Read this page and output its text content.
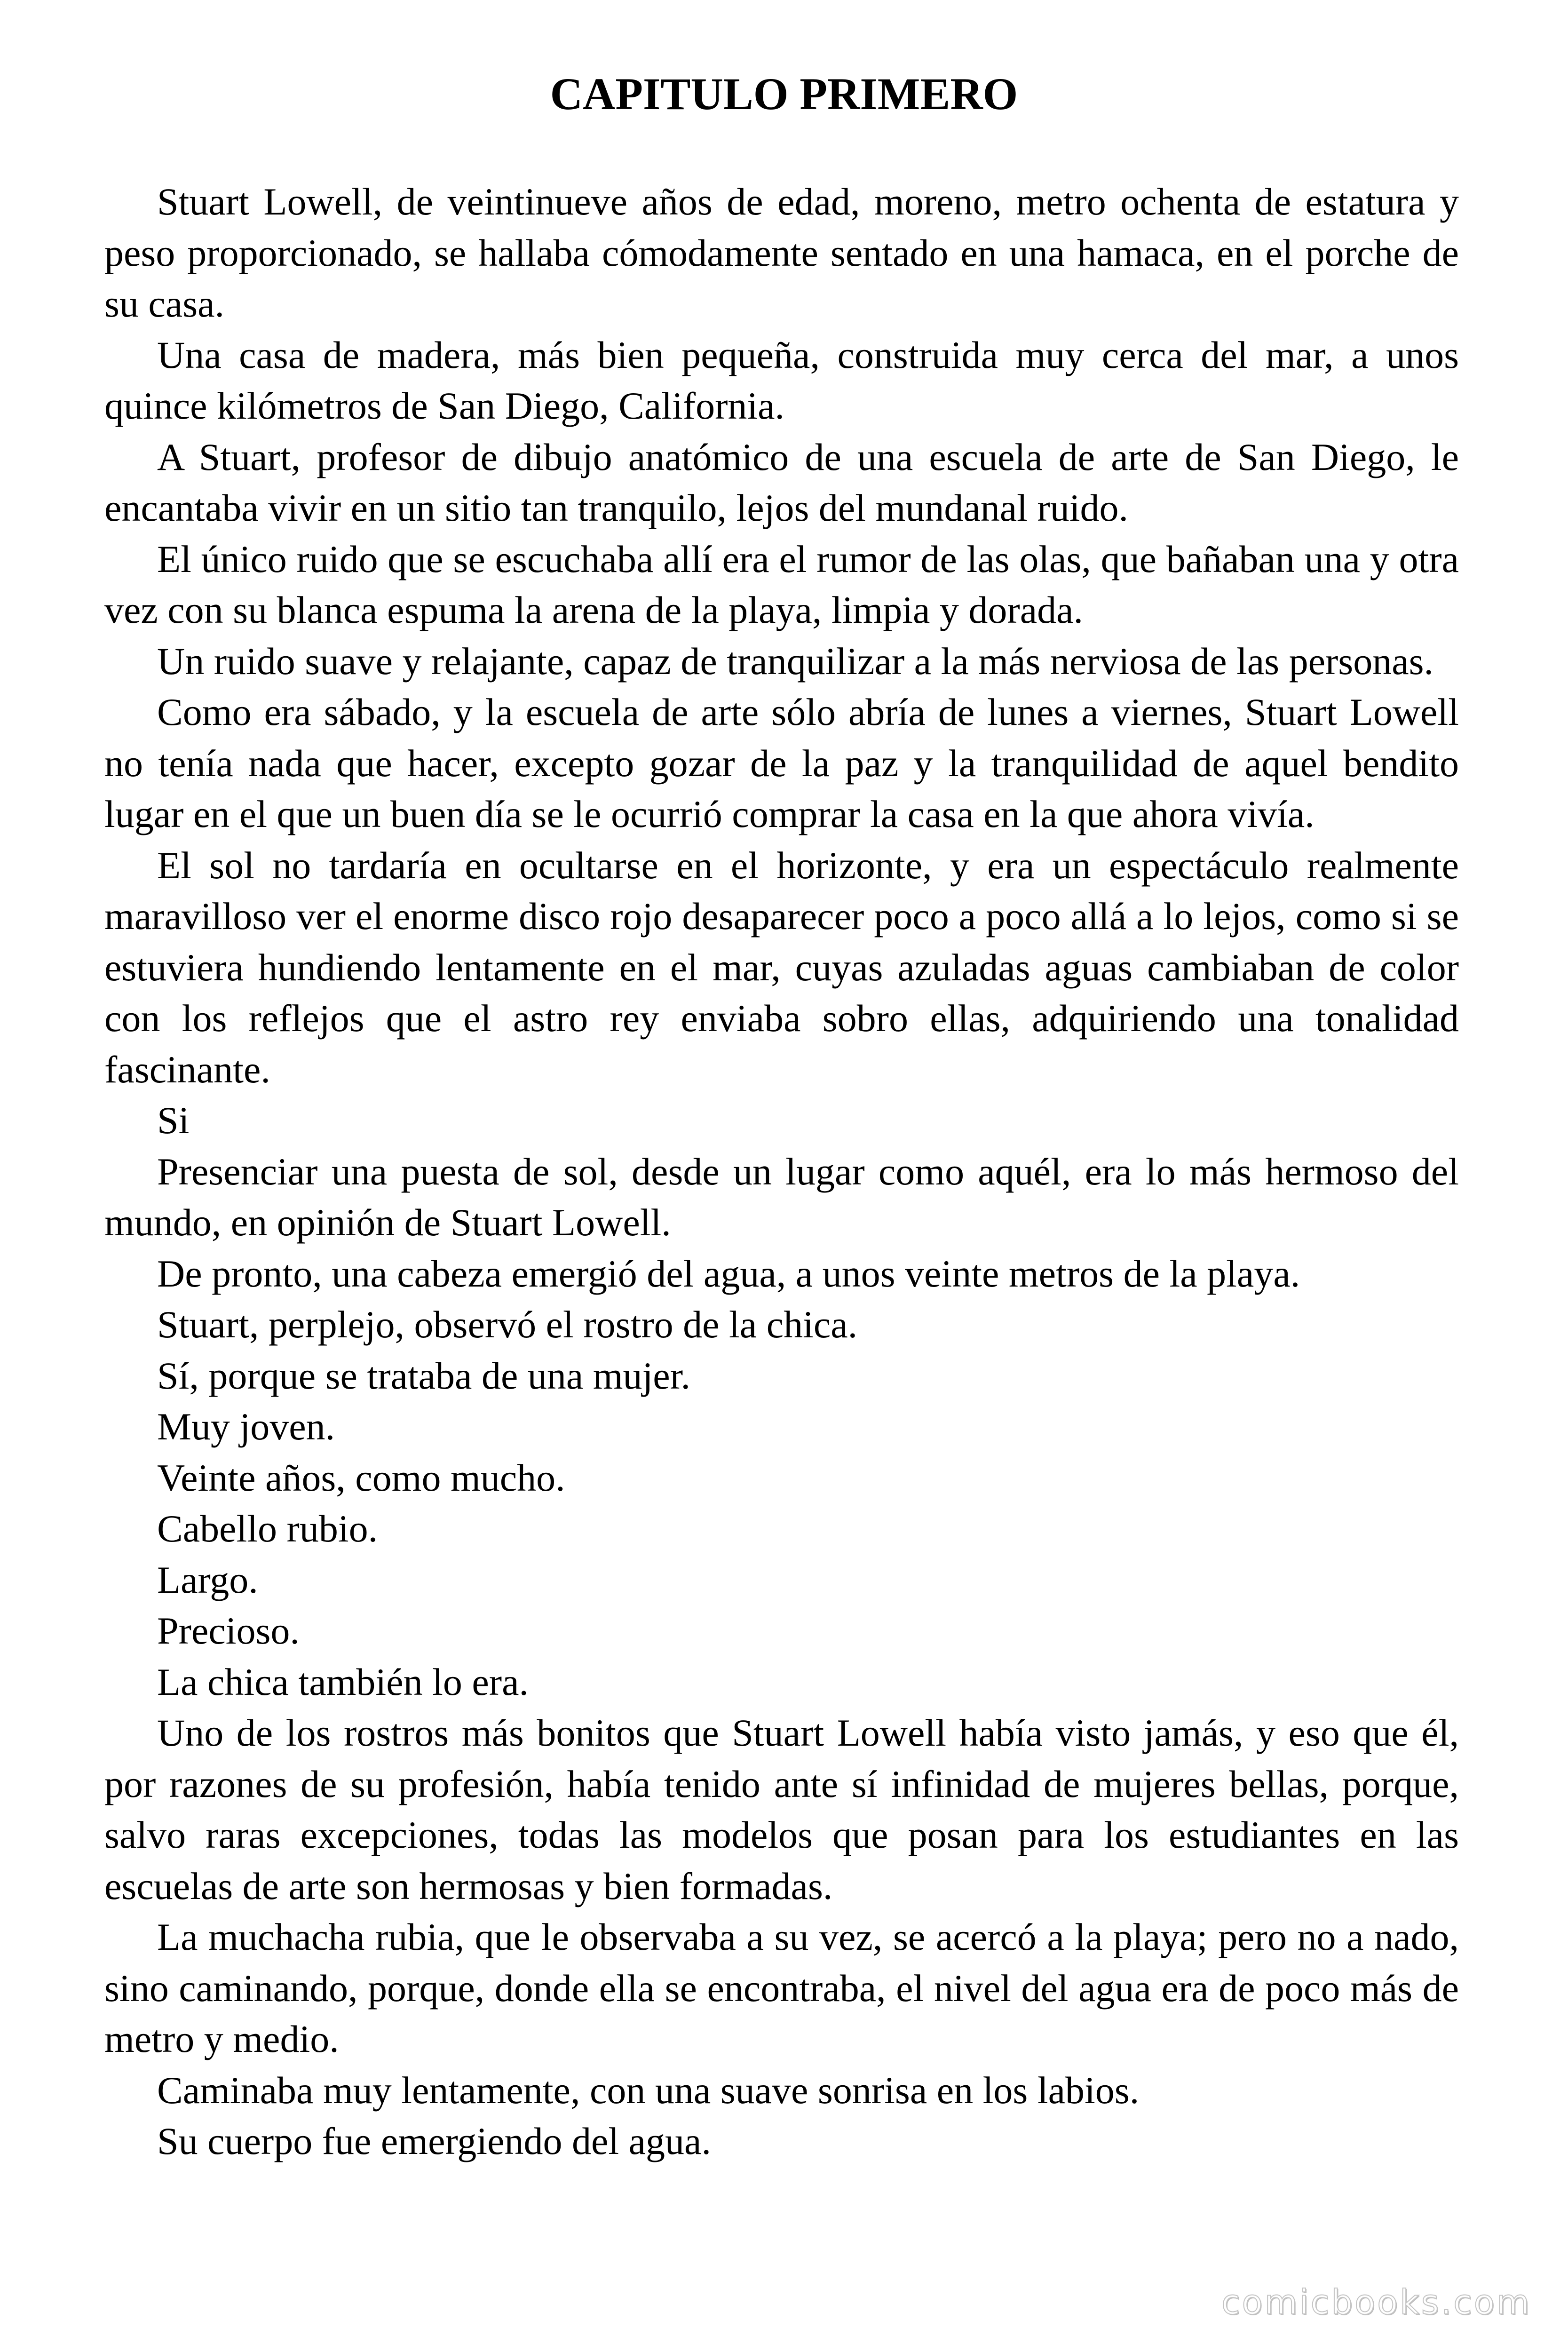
CAPITULO PRIMERO

Stuart Lowell, de veintinueve años de edad, moreno, metro ochenta de estatura y peso proporcionado, se hallaba cómodamente sentado en una hamaca, en el porche de su casa.

Una casa de madera, más bien pequeña, construida muy cerca del mar, a unos quince kilómetros de San Diego, California.

A Stuart, profesor de dibujo anatómico de una escuela de arte de San Diego, le encantaba vivir en un sitio tan tranquilo, lejos del mundanal ruido.

El único ruido que se escuchaba allí era el rumor de las olas, que bañaban una y otra vez con su blanca espuma la arena de la playa, limpia y dorada.

Un ruido suave y relajante, capaz de tranquilizar a la más nerviosa de las personas.

Como era sábado, y la escuela de arte sólo abría de lunes a viernes, Stuart Lowell no tenía nada que hacer, excepto gozar de la paz y la tranquilidad de aquel bendito lugar en el que un buen día se le ocurrió comprar la casa en la que ahora vivía.

El sol no tardaría en ocultarse en el horizonte, y era un espectáculo realmente maravilloso ver el enorme disco rojo desaparecer poco a poco allá a lo lejos, como si se estuviera hundiendo lentamente en el mar, cuyas azuladas aguas cambiaban de color con los reflejos que el astro rey enviaba sobro ellas, adquiriendo una tonalidad fascinante.

Si

Presenciar una puesta de sol, desde un lugar como aquél, era lo más hermoso del mundo, en opinión de Stuart Lowell.

De pronto, una cabeza emergió del agua, a unos veinte metros de la playa.

Stuart, perplejo, observó el rostro de la chica.

Sí, porque se trataba de una mujer.

Muy joven.

Veinte años, como mucho.

Cabello rubio.

Largo.

Precioso.

La chica también lo era.

Uno de los rostros más bonitos que Stuart Lowell había visto jamás, y eso que él, por razones de su profesión, había tenido ante sí infinidad de mujeres bellas, porque, salvo raras excepciones, todas las modelos que posan para los estudiantes en las escuelas de arte son hermosas y bien formadas.

La muchacha rubia, que le observaba a su vez, se acercó a la playa; pero no a nado, sino caminando, porque, donde ella se encontraba, el nivel del agua era de poco más de metro y medio.

Caminaba muy lentamente, con una suave sonrisa en los labios.

Su cuerpo fue emergiendo del agua.

comicbooks.com
